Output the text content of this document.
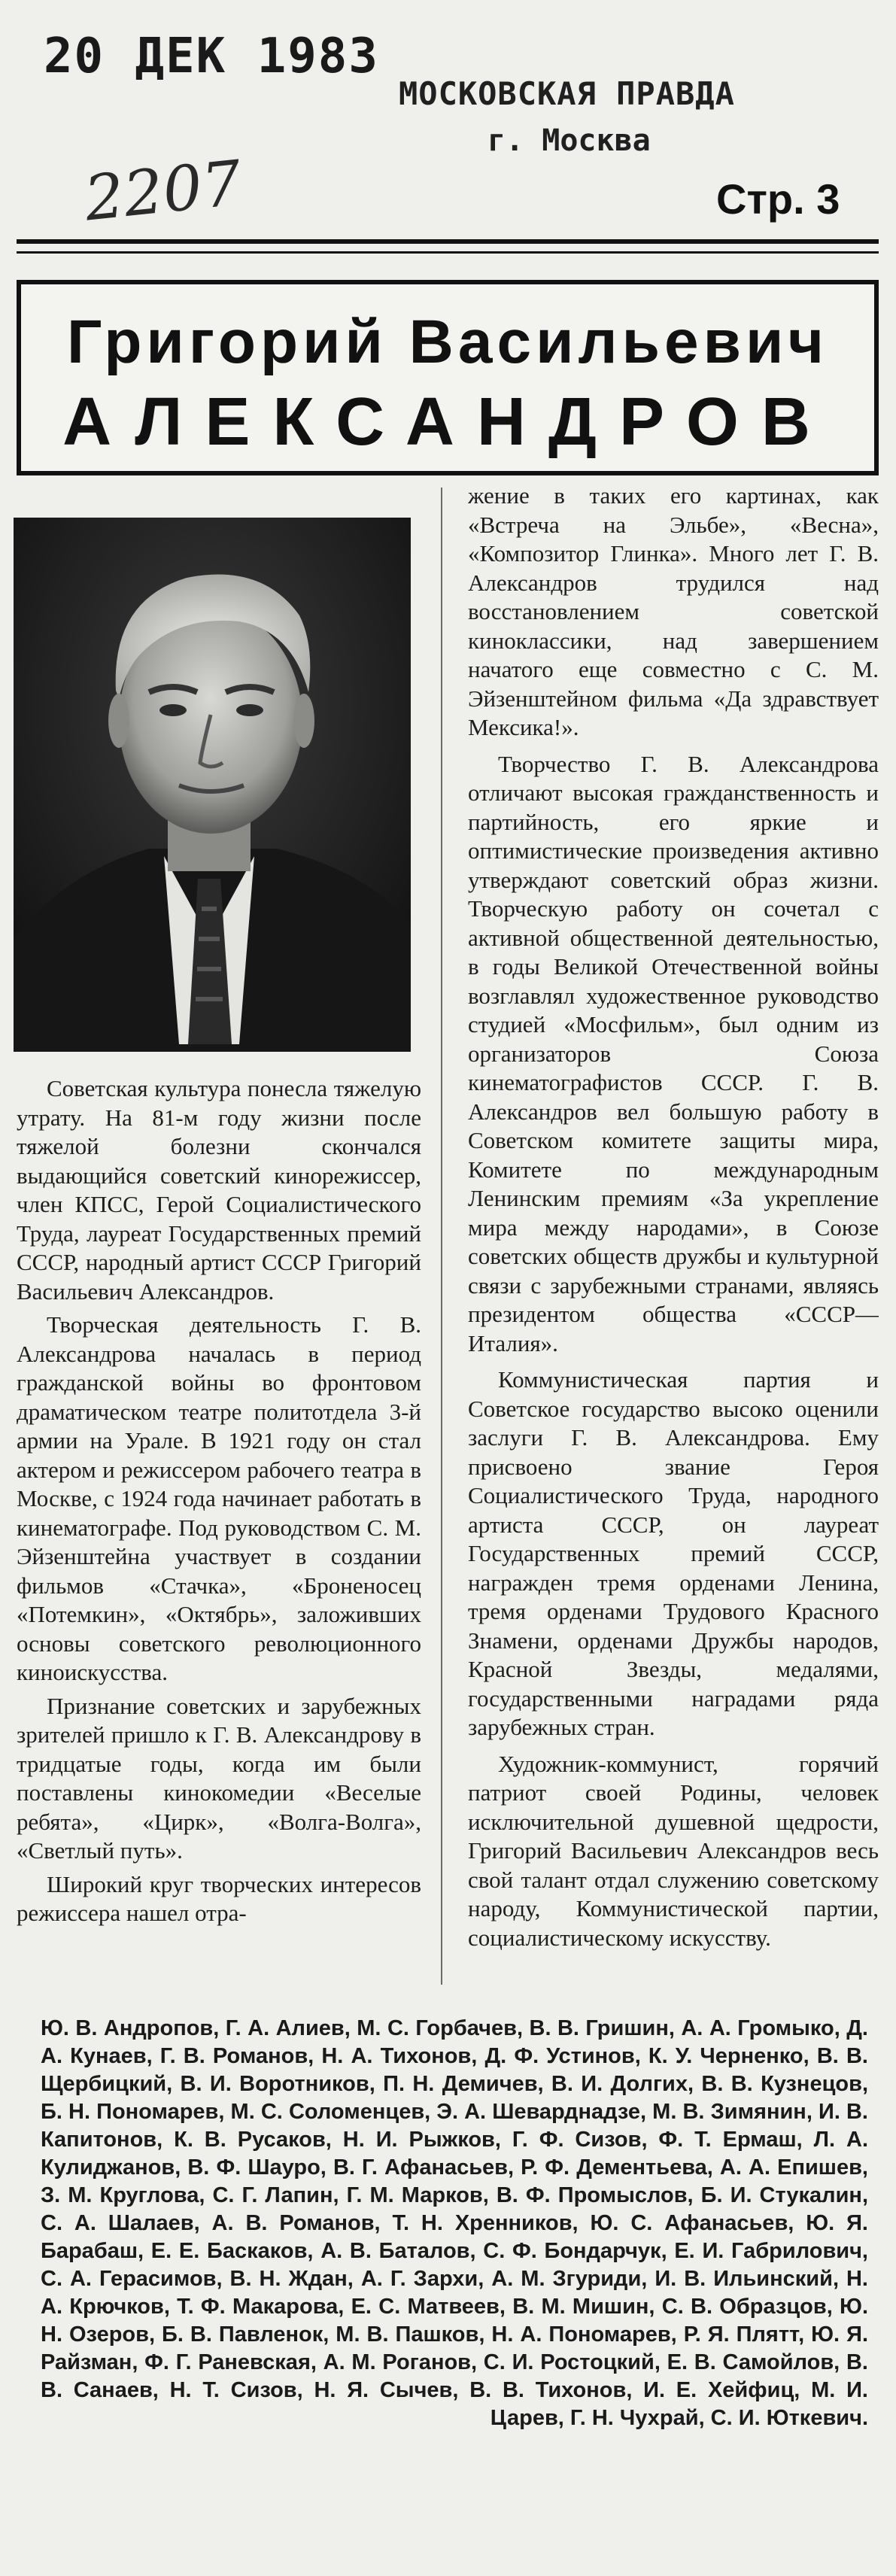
20 ДЕК 1983
МОСКОВСКАЯ ПРАВДА
г. Москва
2207	Стр. 3
Григорий Васильевич
АЛЕКСАНДРОВ

Советская культура понесла тяжелую утрату. На 81-м году жизни после тяжелой болезни скончался выдающийся советский кинорежиссер, член КПСС, Герой Социалистического Труда, лауреат Государственных премий СССР, народный артист СССР Григорий Васильевич Александров.

Творческая деятельность Г. В. Александрова началась в период гражданской войны во фронтовом драматическом театре политотдела 3-й армии на Урале. В 1921 году он стал актером и режиссером рабочего театра в Москве, с 1924 года начинает работать в кинематографе. Под руководством С. М. Эйзенштейна участвует в создании фильмов «Стачка», «Броненосец «Потемкин», «Октябрь», заложивших основы советского революционного киноискусства.

Признание советских и зарубежных зрителей пришло к Г. В. Александрову в тридцатые годы, когда им были поставлены кинокомедии «Веселые ребята», «Цирк», «Волга-Волга», «Светлый путь».

Широкий круг творческих интересов режиссера нашел отра-

жение в таких его картинах, как «Встреча на Эльбе», «Весна», «Композитор Глинка». Много лет Г. В. Александров трудился над восстановлением советской киноклассики, над завершением начатого еще совместно с С. М. Эйзенштейном фильма «Да здравствует Мексика!».

Творчество Г. В. Александрова отличают высокая гражданственность и партийность, его яркие и оптимистические произведения активно утверждают советский образ жизни. Творческую работу он сочетал с активной общественной деятельностью, в годы Великой Отечественной войны возглавлял художественное руководство студией «Мосфильм», был одним из организаторов Союза кинематографистов СССР. Г. В. Александров вел большую работу в Советском комитете защиты мира, Комитете по международным Ленинским премиям «За укрепление мира между народами», в Союзе советских обществ дружбы и культурной связи с зарубежными странами, являясь президентом общества «СССР—Италия».

Коммунистическая партия и Советское государство высоко оценили заслуги Г. В. Александрова. Ему присвоено звание Героя Социалистического Труда, народного артиста СССР, он лауреат Государственных премий СССР, награжден тремя орденами Ленина, тремя орденами Трудового Красного Знамени, орденами Дружбы народов, Красной Звезды, медалями, государственными наградами ряда зарубежных стран.

Художник-коммунист, горячий патриот своей Родины, человек исключительной душевной щедрости, Григорий Васильевич Александров весь свой талант отдал служению советскому народу, Коммунистической партии, социалистическому искусству.

Ю. В. Андропов, Г. А. Алиев, М. С. Горбачев, В. В. Гришин, А. А. Громыко, Д. А. Кунаев, Г. В. Романов, Н. А. Тихонов, Д. Ф. Устинов, К. У. Черненко, В. В. Щербицкий, В. И. Воротников, П. Н. Демичев, В. И. Долгих, В. В. Кузнецов, Б. Н. Пономарев, М. С. Соломенцев, Э. А. Шеварднадзе, М. В. Зимянин, И. В. Капитонов, К. В. Русаков, Н. И. Рыжков, Г. Ф. Сизов, Ф. Т. Ермаш, Л. А. Кулиджанов, В. Ф. Шауро, В. Г. Афанасьев, Р. Ф. Дементьева, А. А. Епишев, З. М. Круглова, С. Г. Лапин, Г. М. Марков, В. Ф. Промыслов, Б. И. Стукалин, С. А. Шалаев, А. В. Романов, Т. Н. Хренников, Ю. С. Афанасьев, Ю. Я. Барабаш, Е. Е. Баскаков, А. В. Баталов, С. Ф. Бондарчук, Е. И. Габрилович, С. А. Герасимов, В. Н. Ждан, А. Г. Зархи, А. М. Згуриди, И. В. Ильинский, Н. А. Крючков, Т. Ф. Макарова, Е. С. Матвеев, В. М. Мишин, С. В. Образцов, Ю. Н. Озеров, Б. В. Павленок, М. В. Пашков, Н. А. Пономарев, Р. Я. Плятт, Ю. Я. Райзман, Ф. Г. Раневская, А. М. Роганов, С. И. Ростоцкий, Е. В. Самойлов, В. В. Санаев, Н. Т. Сизов, Н. Я. Сычев, В. В. Тихонов, И. Е. Хейфиц, М. И. Царев, Г. Н. Чухрай, С. И. Юткевич.
